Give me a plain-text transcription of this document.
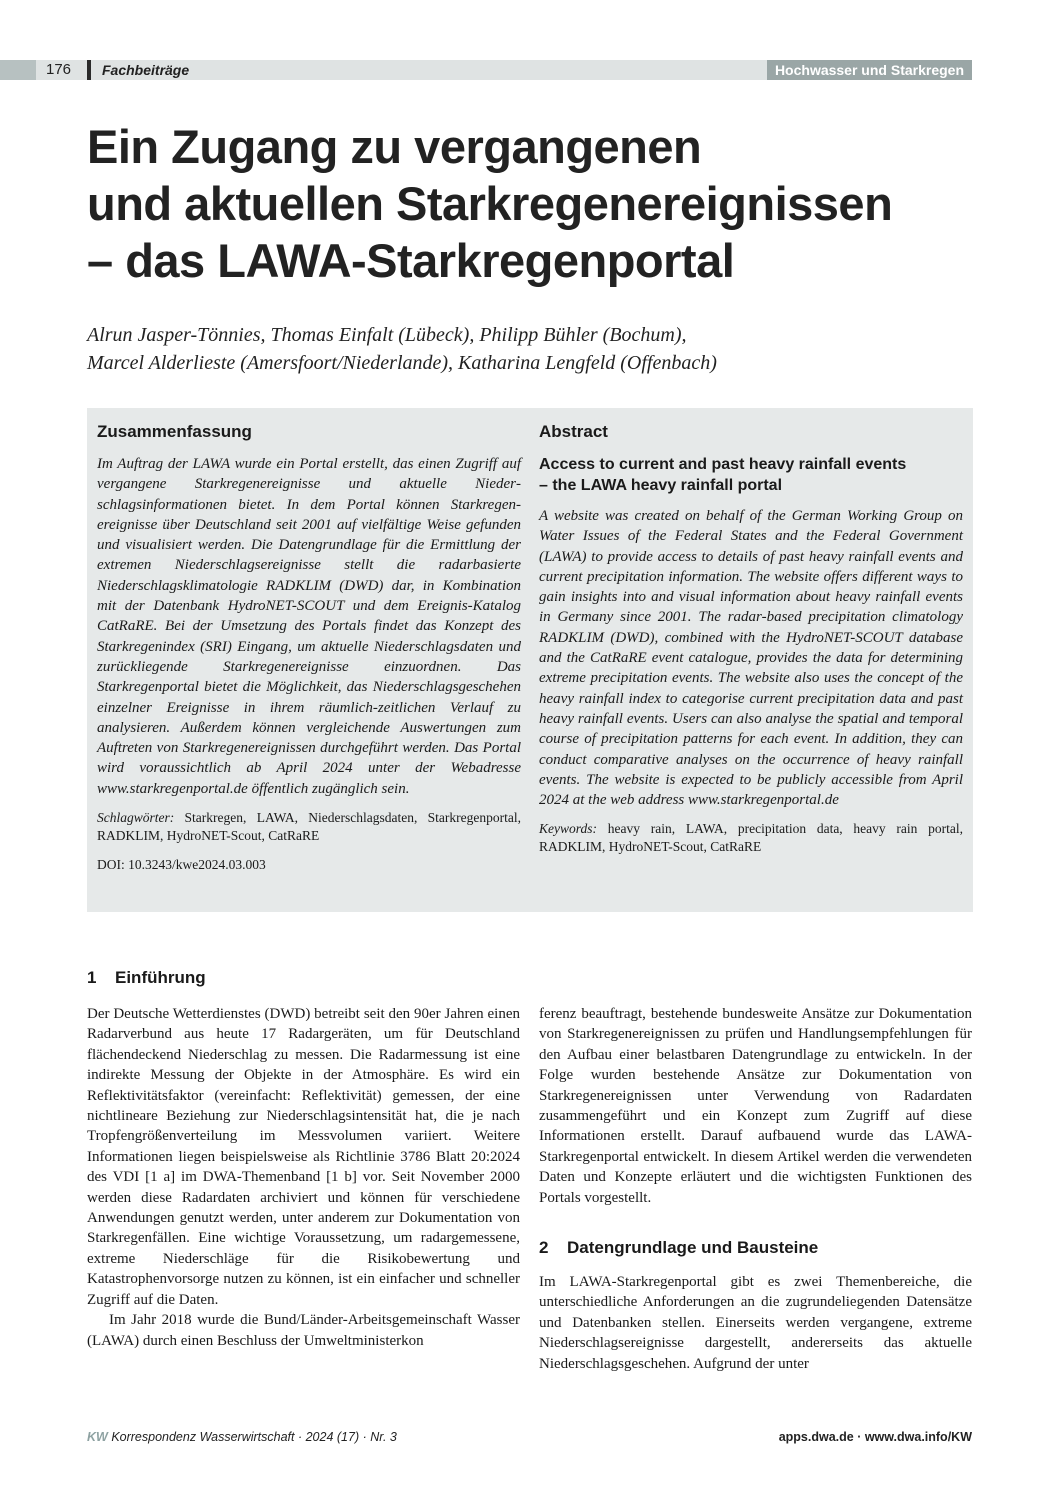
176 Fachbeiträge	Hochwasser und Starkregen
Ein Zugang zu vergangenen
und aktuellen Starkregenereignissen
– das LAWA-Starkregenportal
Alrun Jasper-Tönnies, Thomas Einfalt (Lübeck), Philipp Bühler (Bochum),
Marcel Alderlieste (Amersfoort/Niederlande), Katharina Lengfeld (Offenbach)
Zusammenfassung

Im Auftrag der LAWA wurde ein Portal erstellt, das einen Zugriff auf vergangene Starkregenereignisse und aktuelle Niederschlagsinformationen bietet. In dem Portal können Starkregenereignisse über Deutschland seit 2001 auf vielfältige Weise gefunden und visualisiert werden. Die Datengrundlage für die Ermittlung der extremen Niederschlagsereignisse stellt die radarbasierte Niederschlagsklimatologie RADKLIM (DWD) dar, in Kombination mit der Datenbank HydroNET-SCOUT und dem Ereignis-Katalog CatRaRE. Bei der Umsetzung des Portals findet das Konzept des Starkregenindex (SRI) Eingang, um aktuelle Niederschlagsdaten und zurückliegende Starkregenereignisse einzuordnen. Das Starkregenportal bietet die Möglichkeit, das Niederschlagsgeschehen einzelner Ereignisse in ihrem räumlich-zeitlichen Verlauf zu analysieren. Außerdem können vergleichende Auswertungen zum Auftreten von Starkregenereignissen durchgeführt werden. Das Portal wird voraussichtlich ab April 2024 unter der Webadresse www.starkregenportal.de öffentlich zugänglich sein.

Schlagwörter: Starkregen, LAWA, Niederschlagsdaten, Starkregenportal, RADKLIM, HydroNET-Scout, CatRaRE

DOI: 10.3243/kwe2024.03.003
Abstract
Access to current and past heavy rainfall events
– the LAWA heavy rainfall portal

A website was created on behalf of the German Working Group on Water Issues of the Federal States and the Federal Government (LAWA) to provide access to details of past heavy rainfall events and current precipitation information. The website offers different ways to gain insights into and visual information about heavy rainfall events in Germany since 2001. The radar-based precipitation climatology RADKLIM (DWD), combined with the HydroNET-SCOUT database and the CatRaRE event catalogue, provides the data for determining extreme precipitation events. The website also uses the concept of the heavy rainfall index to categorise current precipitation data and past heavy rainfall events. Users can also analyse the spatial and temporal course of precipitation patterns for each event. In addition, they can conduct comparative analyses on the occurrence of heavy rainfall events. The website is expected to be publicly accessible from April 2024 at the web address www.starkregenportal.de

Keywords: heavy rain, LAWA, precipitation data, heavy rain portal, RADKLIM, HydroNET-Scout, CatRaRE

1 Einführung

Der Deutsche Wetterdienstes (DWD) betreibt seit den 90er Jahren einen Radarverbund aus heute 17 Radargeräten, um für Deutschland flächendeckend Niederschlag zu messen. Die Radarmessung ist eine indirekte Messung der Objekte in der Atmosphäre. Es wird ein Reflektivitätsfaktor (vereinfacht: Reflektivität) gemessen, der eine nichtlineare Beziehung zur Niederschlagsintensität hat, die je nach Tropfengrößenverteilung im Messvolumen variiert. Weitere Informationen liegen beispielsweise als Richtlinie 3786 Blatt 20:2024 des VDI [1 a] im DWA-Themenband [1 b] vor. Seit November 2000 werden diese Radardaten archiviert und können für verschiedene Anwendungen genutzt werden, unter anderem zur Dokumentation von Starkregenfällen. Eine wichtige Voraussetzung, um radargemessene, extreme Niederschläge für die Risikobewertung und Katastrophenvorsorge nutzen zu können, ist ein einfacher und schneller Zugriff auf die Daten.

Im Jahr 2018 wurde die Bund/Länder-Arbeitsgemeinschaft Wasser (LAWA) durch einen Beschluss der Umweltministerkon

ferenz beauftragt, bestehende bundesweite Ansätze zur Dokumentation von Starkregenereignissen zu prüfen und Handlungsempfehlungen für den Aufbau einer belastbaren Datengrundlage zu entwickeln. In der Folge wurden bestehende Ansätze zur Dokumentation von Starkregenereignissen unter Verwendung von Radardaten zusammengeführt und ein Konzept zum Zugriff auf diese Informationen erstellt. Darauf aufbauend wurde das LAWA-Starkregenportal entwickelt. In diesem Artikel werden die verwendeten Daten und Konzepte erläutert und die wichtigsten Funktionen des Portals vorgestellt.

2 Datengrundlage und Bausteine

Im LAWA-Starkregenportal gibt es zwei Themenbereiche, die unterschiedliche Anforderungen an die zugrundeliegenden Datensätze und Datenbanken stellen. Einerseits werden vergangene, extreme Niederschlagsereignisse dargestellt, andererseits das aktuelle Niederschlagsgeschehen. Aufgrund der unter

KW Korrespondenz Wasserwirtschaft · 2024 (17) · Nr. 3	apps.dwa.de · www.dwa.info/KW
